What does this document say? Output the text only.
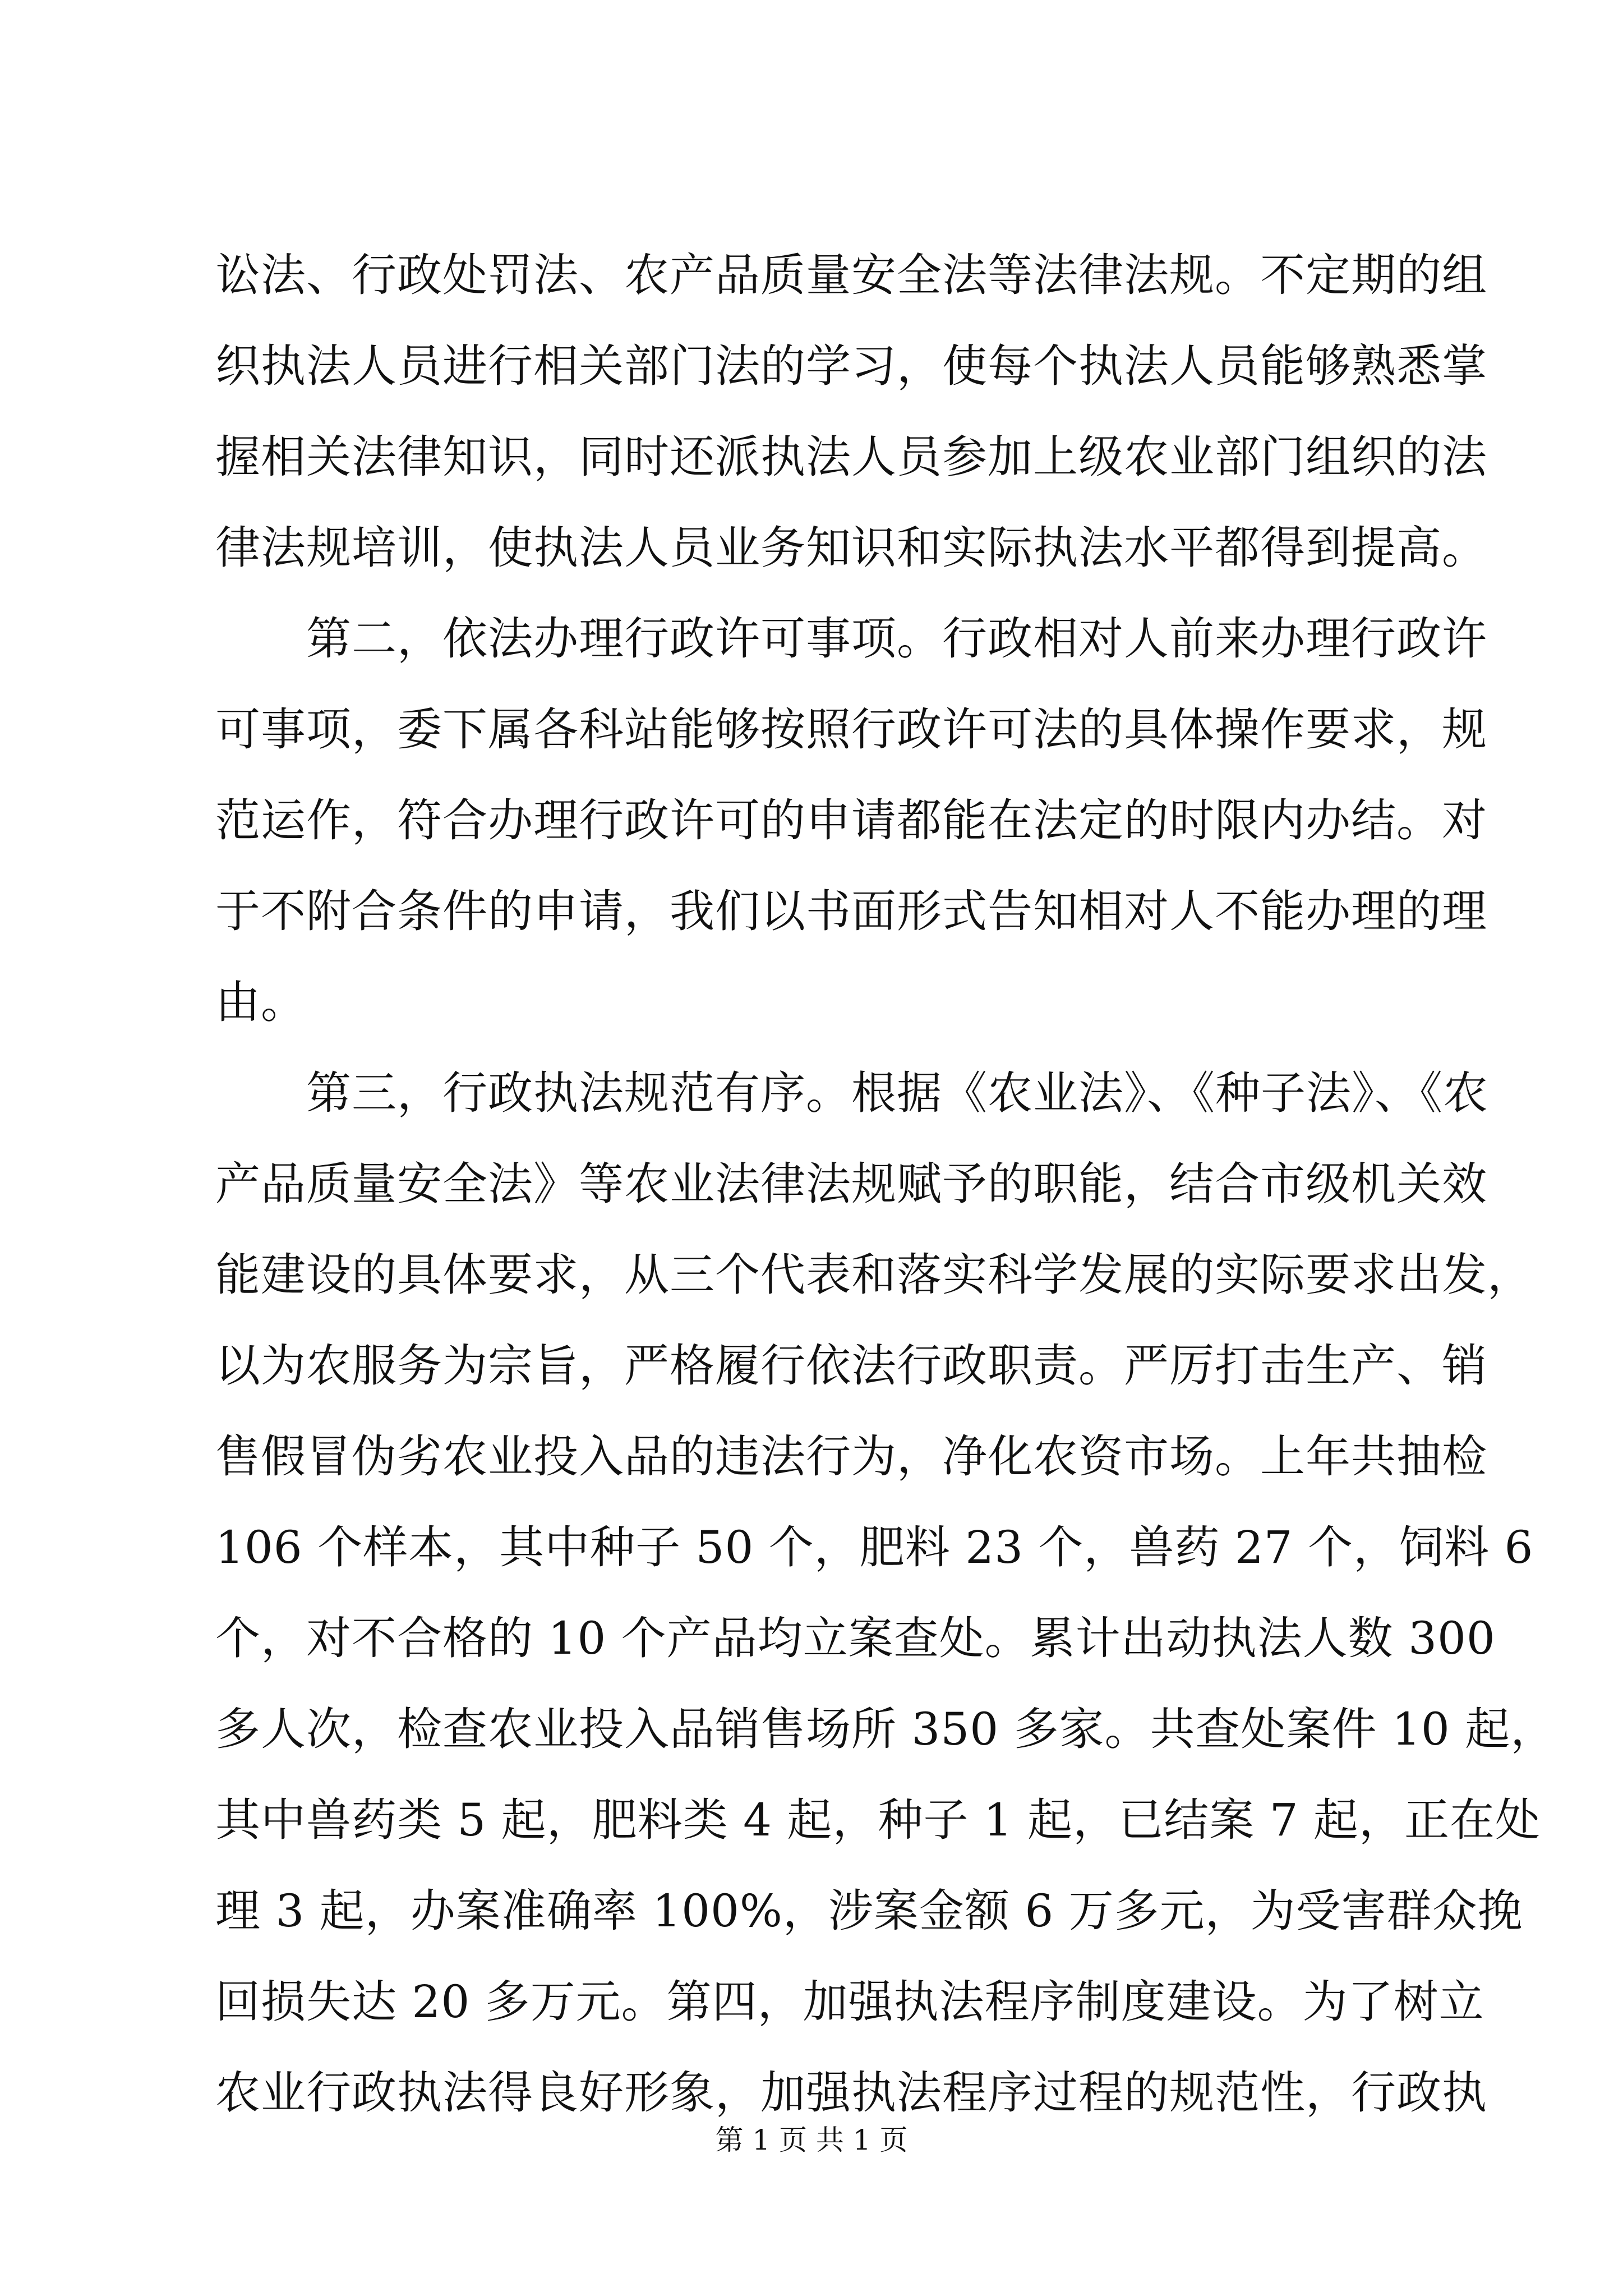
讼法、行政处罚法、农产品质量安全法等法律法规。不定期的组
织执法人员进行相关部门法的学习，使每个执法人员能够熟悉掌
握相关法律知识，同时还派执法人员参加上级农业部门组织的法
律法规培训，使执法人员业务知识和实际执法水平都得到提高。
　　第二，依法办理行政许可事项。行政相对人前来办理行政许
可事项，委下属各科站能够按照行政许可法的具体操作要求，规
范运作，符合办理行政许可的申请都能在法定的时限内办结。对
于不附合条件的申请，我们以书面形式告知相对人不能办理的理
由。
　　第三，行政执法规范有序。根据《农业法》、《种子法》、《农
产品质量安全法》等农业法律法规赋予的职能，结合市级机关效
能建设的具体要求，从三个代表和落实科学发展的实际要求出发，
以为农服务为宗旨，严格履行依法行政职责。严厉打击生产、销
售假冒伪劣农业投入品的违法行为，净化农资市场。上年共抽检
106 个样本，其中种子 50 个，肥料 23 个，兽药 27 个，饲料 6
个，对不合格的 10 个产品均立案查处。累计出动执法人数 300
多人次，检查农业投入品销售场所 350 多家。共查处案件 10 起，
其中兽药类 5 起，肥料类 4 起，种子 1 起，已结案 7 起，正在处
理 3 起，办案准确率 100%，涉案金额 6 万多元，为受害群众挽
回损失达 20 多万元。第四，加强执法程序制度建设。为了树立
农业行政执法得良好形象，加强执法程序过程的规范性，行政执
第 1 页 共 1 页
